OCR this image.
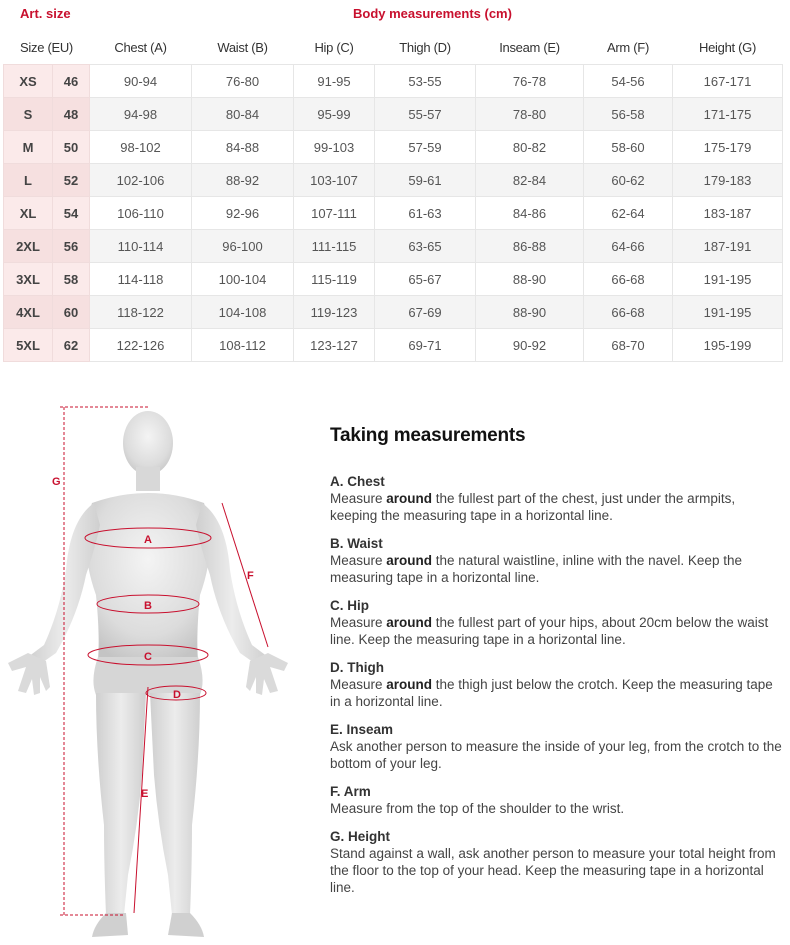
Art. size	Body measurements (cm)
Size (EU)		Chest (A)	Waist (B)	Hip (C)	Thigh (D)	Inseam (E)	Arm (F)	Height (G)
XS	46	90-94	76-80	91-95	53-55	76-78	54-56	167-171
S	48	94-98	80-84	95-99	55-57	78-80	56-58	171-175
M	50	98-102	84-88	99-103	57-59	80-82	58-60	175-179
L	52	102-106	88-92	103-107	59-61	82-84	60-62	179-183
XL	54	106-110	92-96	107-111	61-63	84-86	62-64	183-187
2XL	56	110-114	96-100	111-115	63-65	86-88	64-66	187-191
3XL	58	114-118	100-104	115-119	65-67	88-90	66-68	191-195
4XL	60	118-122	104-108	119-123	67-69	88-90	66-68	191-195
5XL	62	122-126	108-112	123-127	69-71	90-92	68-70	195-199
G
A
B
C
D
E
F
Taking measurements
A. Chest
Measure around the fullest part of the chest, just under the armpits, keeping the measuring tape in a horizontal line.
B. Waist
Measure around the natural waistline, inline with the navel. Keep the measuring tape in a horizontal line.
C. Hip
Measure around the fullest part of your hips, about 20cm below the waist line. Keep the measuring tape in a horizontal line.
D. Thigh
Measure around the thigh just below the crotch. Keep the measuring tape in a horizontal line.
E. Inseam
Ask another person to measure the inside of your leg, from the crotch to the bottom of your leg.
F. Arm
Measure from the top of the shoulder to the wrist.
G. Height
Stand against a wall, ask another person to measure your total height from the floor to the top of your head. Keep the measuring tape in a horizontal line.
